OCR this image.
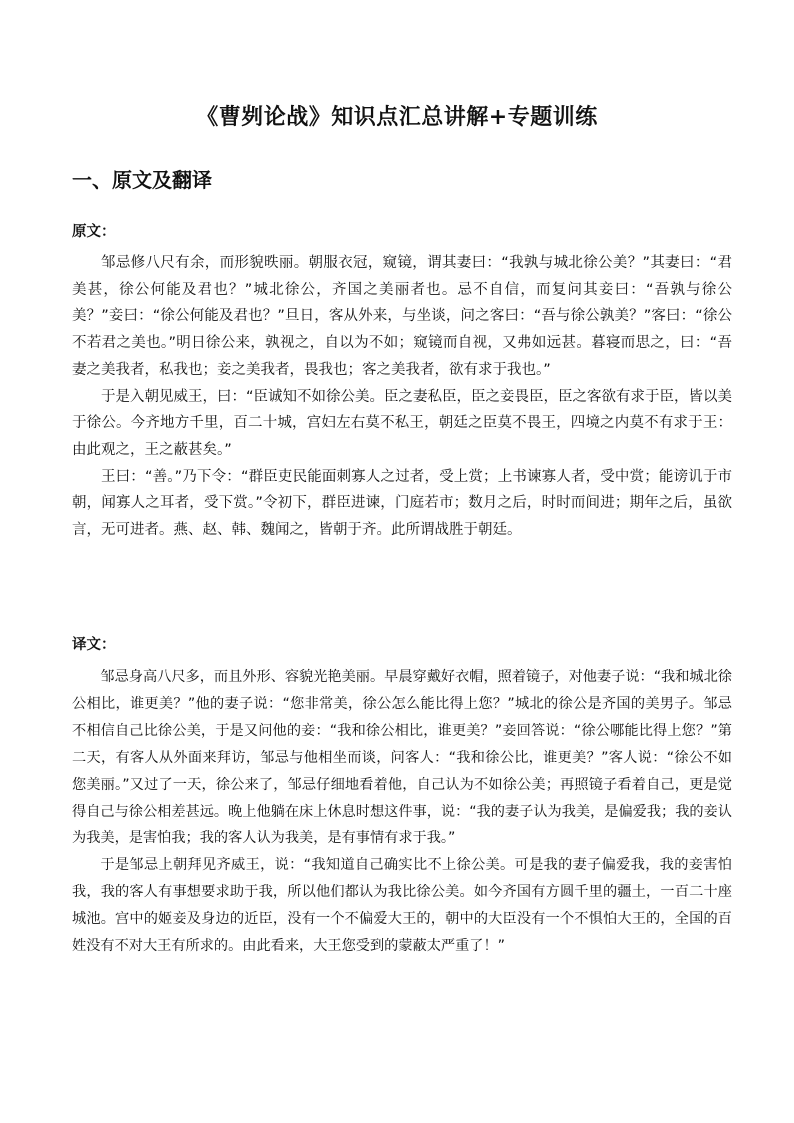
《曹刿论战》知识点汇总讲解+专题训练
一、原文及翻译
原文：

邹忌修八尺有余，而形貌昳丽。朝服衣冠，窥镜，谓其妻曰：“我孰与城北徐公美？”其妻曰：“君美甚，徐公何能及君也？”城北徐公，齐国之美丽者也。忌不自信，而复问其妾曰：“吾孰与徐公美？”妾曰：“徐公何能及君也？”旦日，客从外来，与坐谈，问之客曰：“吾与徐公孰美？”客曰：“徐公不若君之美也。”明日徐公来，孰视之，自以为不如；窥镜而自视，又弗如远甚。暮寝而思之，曰：“吾妻之美我者，私我也；妾之美我者，畏我也；客之美我者，欲有求于我也。”

于是入朝见威王，曰：“臣诚知不如徐公美。臣之妻私臣，臣之妾畏臣，臣之客欲有求于臣，皆以美于徐公。今齐地方千里，百二十城，宫妇左右莫不私王，朝廷之臣莫不畏王，四境之内莫不有求于王：由此观之，王之蔽甚矣。”

王曰：“善。”乃下令：“群臣吏民能面刺寡人之过者，受上赏；上书谏寡人者，受中赏；能谤讥于市朝，闻寡人之耳者，受下赏。”令初下，群臣进谏，门庭若市；数月之后，时时而间进；期年之后，虽欲言，无可进者。燕、赵、韩、魏闻之，皆朝于齐。此所谓战胜于朝廷。

译文：

邹忌身高八尺多，而且外形、容貌光艳美丽。早晨穿戴好衣帽，照着镜子，对他妻子说：“我和城北徐公相比，谁更美？”他的妻子说：“您非常美，徐公怎么能比得上您？”城北的徐公是齐国的美男子。邹忌不相信自己比徐公美，于是又问他的妾：“我和徐公相比，谁更美？”妾回答说：“徐公哪能比得上您？”第二天，有客人从外面来拜访，邹忌与他相坐而谈，问客人：“我和徐公比，谁更美？”客人说：“徐公不如您美丽。”又过了一天，徐公来了，邹忌仔细地看着他，自己认为不如徐公美；再照镜子看着自己，更是觉得自己与徐公相差甚远。晚上他躺在床上休息时想这件事，说：“我的妻子认为我美，是偏爱我；我的妾认为我美，是害怕我；我的客人认为我美，是有事情有求于我。”

于是邹忌上朝拜见齐威王，说：“我知道自己确实比不上徐公美。可是我的妻子偏爱我，我的妾害怕我，我的客人有事想要求助于我，所以他们都认为我比徐公美。如今齐国有方圆千里的疆土，一百二十座城池。宫中的姬妾及身边的近臣，没有一个不偏爱大王的，朝中的大臣没有一个不惧怕大王的，全国的百姓没有不对大王有所求的。由此看来，大王您受到的蒙蔽太严重了！”
